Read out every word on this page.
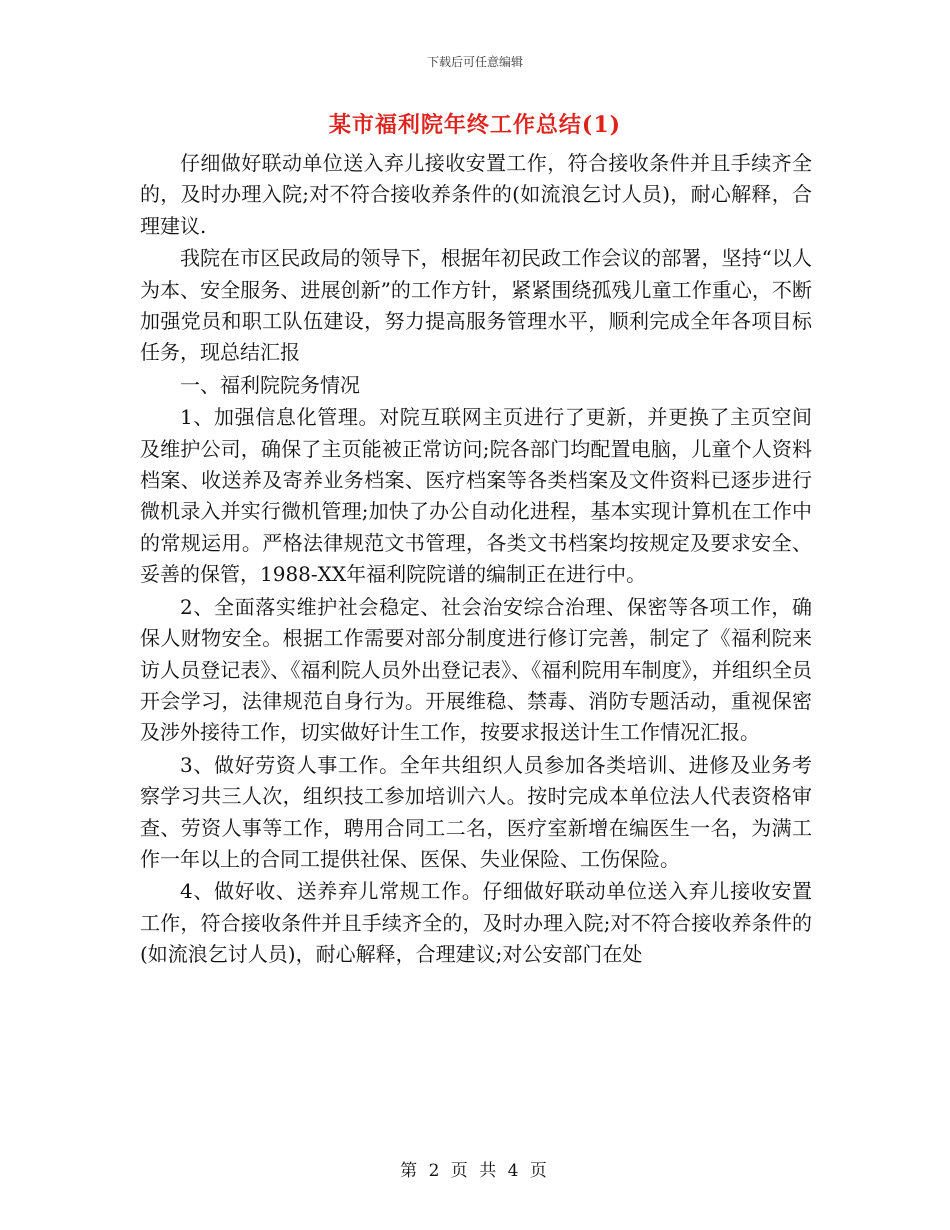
下载后可任意编辑
某市福利院年终工作总结(1)

仔细做好联动单位送入弃儿接收安置工作，符合接收条件并且手续齐全的，及时办理入院;对不符合接收养条件的(如流浪乞讨人员)，耐心解释，合理建议.

我院在市区民政局的领导下，根据年初民政工作会议的部署，坚持“以人为本、安全服务、进展创新”的工作方针，紧紧围绕孤残儿童工作重心，不断加强党员和职工队伍建设，努力提高服务管理水平，顺利完成全年各项目标任务，现总结汇报

一、福利院院务情况

1、加强信息化管理。对院互联网主页进行了更新，并更换了主页空间及维护公司，确保了主页能被正常访问;院各部门均配置电脑，儿童个人资料档案、收送养及寄养业务档案、医疗档案等各类档案及文件资料已逐步进行微机录入并实行微机管理;加快了办公自动化进程，基本实现计算机在工作中的常规运用。严格法律规范文书管理，各类文书档案均按规定及要求安全、妥善的保管，1988-XX年福利院院谱的编制正在进行中。

2、全面落实维护社会稳定、社会治安综合治理、保密等各项工作，确保人财物安全。根据工作需要对部分制度进行修订完善，制定了《福利院来访人员登记表》、《福利院人员外出登记表》、《福利院用车制度》，并组织全员开会学习，法律规范自身行为。开展维稳、禁毒、消防专题活动，重视保密及涉外接待工作，切实做好计生工作，按要求报送计生工作情况汇报。

3、做好劳资人事工作。全年共组织人员参加各类培训、进修及业务考察学习共三人次，组织技工参加培训六人。按时完成本单位法人代表资格审查、劳资人事等工作，聘用合同工二名，医疗室新增在编医生一名，为满工作一年以上的合同工提供社保、医保、失业保险、工伤保险。

4、做好收、送养弃儿常规工作。仔细做好联动单位送入弃儿接收安置工作，符合接收条件并且手续齐全的，及时办理入院;对不符合接收养条件的(如流浪乞讨人员)，耐心解释，合理建议;对公安部门在处

第 2 页 共 4 页
